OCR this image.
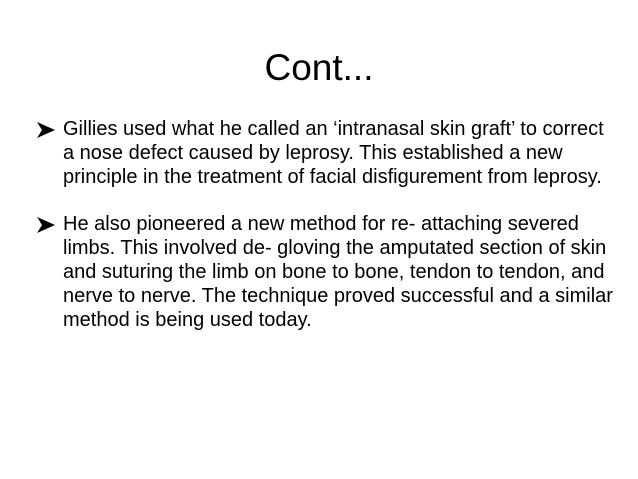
Cont...
Gillies used what he called an ‘intranasal skin graft’ to correct a nose defect caused by leprosy. This established a new principle in the treatment of facial disfigurement from leprosy.
He also pioneered a new method for re- attaching severed limbs. This involved de- gloving the amputated section of skin and suturing the limb on bone to bone, tendon to tendon, and nerve to nerve. The technique proved successful and a similar method is being used today.
